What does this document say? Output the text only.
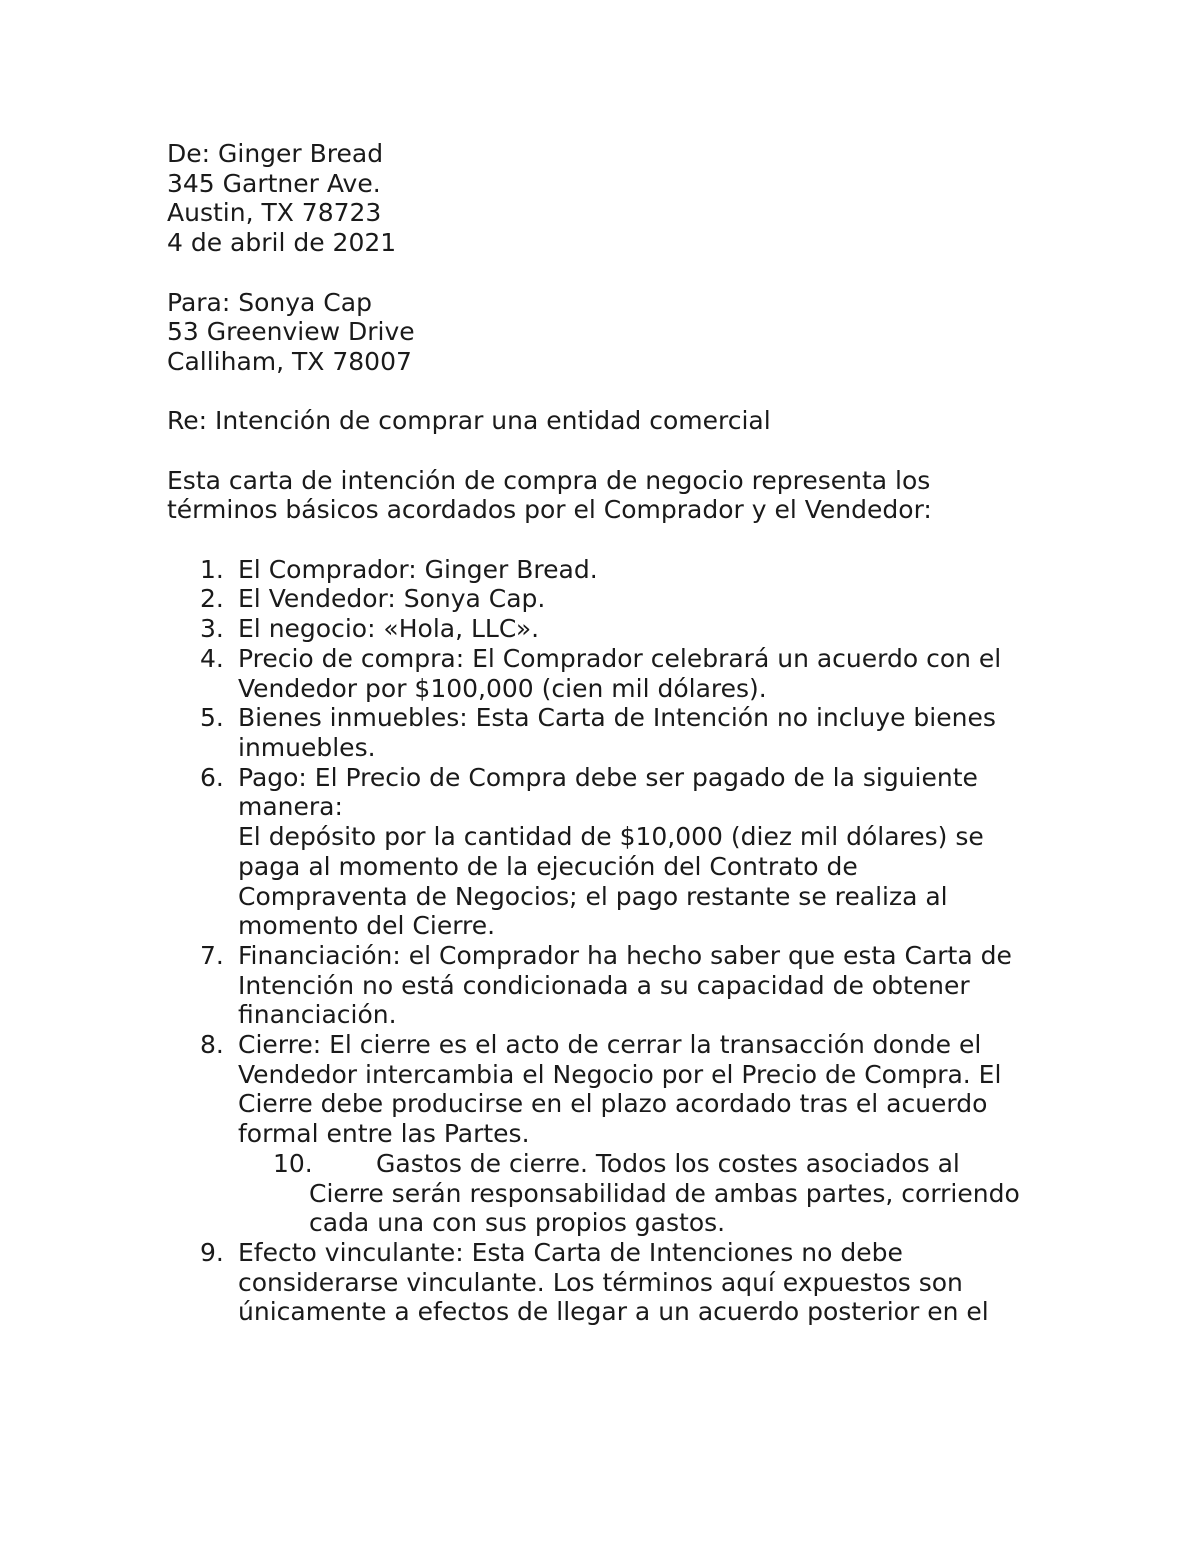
De: Ginger Bread
345 Gartner Ave.
Austin, TX 78723
4 de abril de 2021
Para: Sonya Cap
53 Greenview Drive
Calliham, TX 78007
Re: Intención de comprar una entidad comercial
Esta carta de intención de compra de negocio representa los
términos básicos acordados por el Comprador y el Vendedor:
1. El Comprador: Ginger Bread.
2. El Vendedor: Sonya Cap.
3. El negocio: «Hola, LLC».
4. Precio de compra: El Comprador celebrará un acuerdo con el
Vendedor por $100,000 (cien mil dólares).
5. Bienes inmuebles: Esta Carta de Intención no incluye bienes
inmuebles.
6. Pago: El Precio de Compra debe ser pagado de la siguiente
manera:
El depósito por la cantidad de $10,000 (diez mil dólares) se
paga al momento de la ejecución del Contrato de
Compraventa de Negocios; el pago restante se realiza al
momento del Cierre.
7. Financiación: el Comprador ha hecho saber que esta Carta de
Intención no está condicionada a su capacidad de obtener
financiación.
8. Cierre: El cierre es el acto de cerrar la transacción donde el
Vendedor intercambia el Negocio por el Precio de Compra. El
Cierre debe producirse en el plazo acordado tras el acuerdo
formal entre las Partes.
10.	Gastos de cierre. Todos los costes asociados al
Cierre serán responsabilidad de ambas partes, corriendo
cada una con sus propios gastos.
9. Efecto vinculante: Esta Carta de Intenciones no debe
considerarse vinculante. Los términos aquí expuestos son
únicamente a efectos de llegar a un acuerdo posterior en el
